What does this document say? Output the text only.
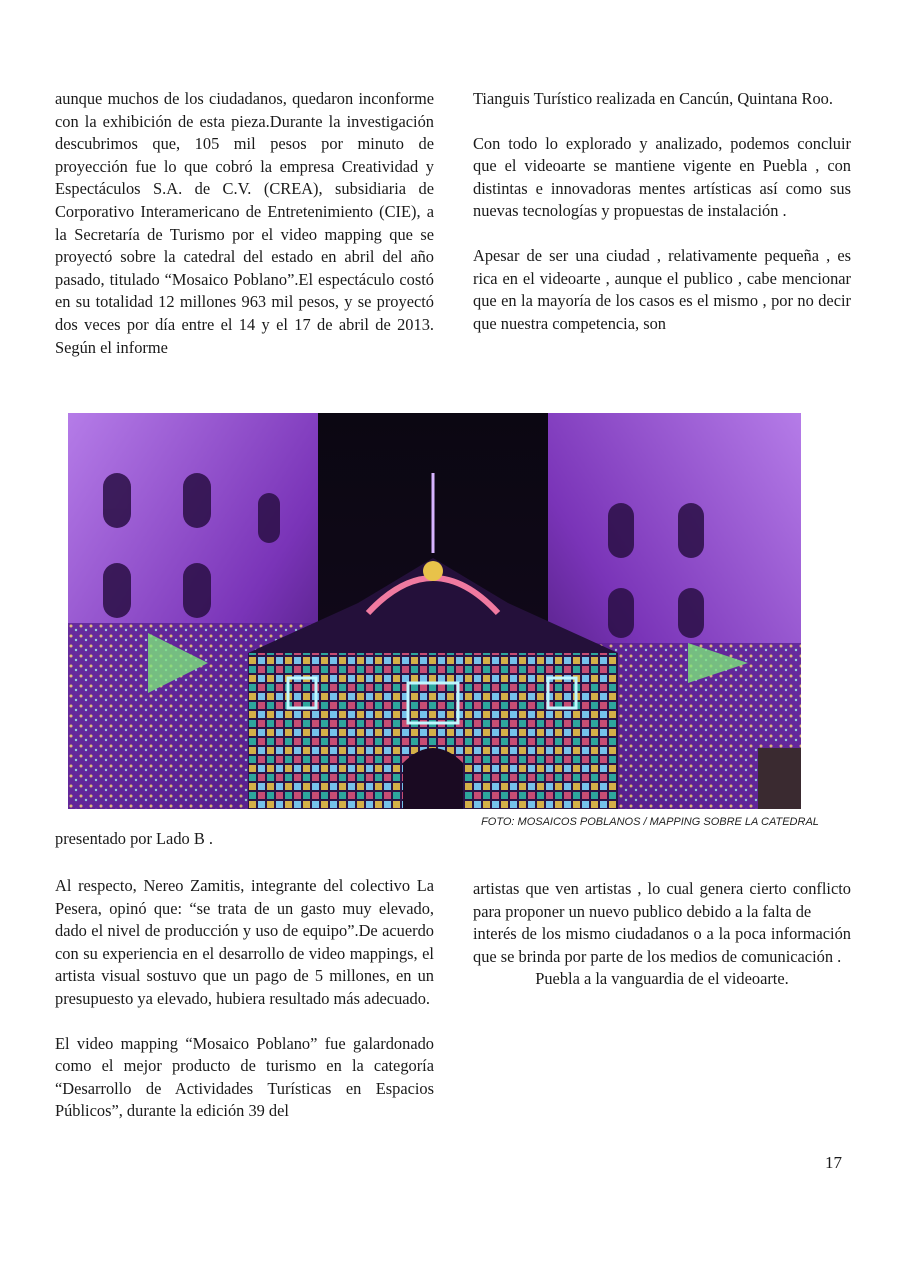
aunque muchos de los ciudadanos, quedaron inconforme con la exhibición de esta pieza.Durante la investigación descubrimos que, 105 mil pesos por minuto de proyección fue lo que cobró la empresa Creatividad y Espectáculos S.A. de C.V. (CREA), subsidiaria de Corporativo Interamericano de Entretenimiento (CIE), a la Secretaría de Turismo por el video mapping que se proyectó sobre la catedral del estado en abril del año pasado, titulado “Mosaico Poblano”.El espectáculo costó en su totalidad 12 millones 963 mil pesos, y se proyectó dos veces por día entre el 14 y el 17 de abril de 2013. Según el informe

Tianguis Turístico realizada en Cancún, Quintana Roo.

Con todo lo explorado y analizado, podemos concluir que el videoarte se mantiene vigente en Puebla , con distintas e innovadoras mentes artísticas así como sus nuevas tecnologías y propuestas de instalación .

Apesar de ser una ciudad , relativamente pequeña , es rica en el videoarte , aunque el publico , cabe mencionar que en la mayoría de los casos es el mismo , por no decir que nuestra competencia, son

FOTO: MOSAICOS POBLANOS / MAPPING SOBRE LA CATEDRAL

presentado por Lado B .

Al respecto, Nereo Zamitis, integrante del colectivo La Pesera, opinó que: “se trata de un gasto muy elevado, dado el nivel de producción y uso de equipo”.De acuerdo con su experiencia en el desarrollo de video mappings, el artista visual sostuvo que un pago de 5 millones, en un presupuesto ya elevado, hubiera resultado más adecuado.

El video mapping “Mosaico Poblano” fue galardonado como el mejor producto de turismo en la categoría “Desarrollo de Actividades Turísticas en Espacios Públicos”, durante la edición 39 del

artistas que ven artistas , lo cual genera cierto conflicto para proponer un nuevo publico debido a la falta de

interés de los mismo ciudadanos o a la poca información que se brinda por parte de los medios de comunicación .

Puebla a la vanguardia de el videoarte.

17
